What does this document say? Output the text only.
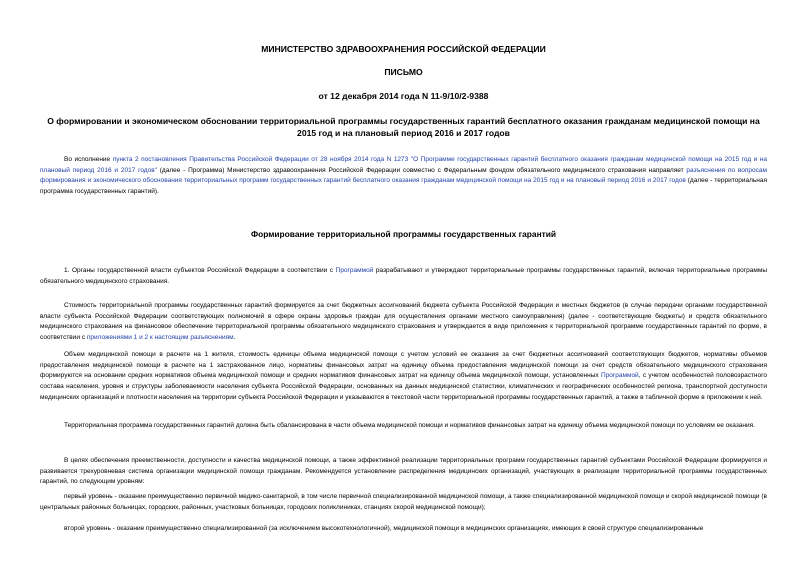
МИНИСТЕРСТВО ЗДРАВООХРАНЕНИЯ РОССИЙСКОЙ ФЕДЕРАЦИИ
ПИСЬМО
от 12 декабря 2014 года N 11-9/10/2-9388
О формировании и экономическом обосновании территориальной программы государственных гарантий бесплатного оказания гражданам медицинской помощи на 2015 год и на плановый период 2016 и 2017 годов

Во исполнение пункта 2 постановления Правительства Российской Федерации от 28 ноября 2014 года N 1273 "О Программе государственных гарантий бесплатного оказания гражданам медицинской помощи на 2015 год и на плановый период 2016 и 2017 годов" (далее - Программа) Министерство здравоохранения Российской Федерации совместно с Федеральным фондом обязательного медицинского страхования направляет разъяснения по вопросам формирования и экономического обоснования территориальных программ государственных гарантий бесплатного оказания гражданам медицинской помощи на 2015 год и на плановый период 2016 и 2017 годов (далее - территориальная программа государственных гарантий).

Формирование территориальной программы государственных гарантий

1. Органы государственной власти субъектов Российской Федерации в соответствии с Программой разрабатывают и утверждают территориальные программы государственных гарантий, включая территориальные программы обязательного медицинского страхования.

Стоимость территориальной программы государственных гарантий формируется за счет бюджетных ассигнований бюджета субъекта Российской Федерации и местных бюджетов (в случае передачи органами государственной власти субъекта Российской Федерации соответствующих полномочий в сфере охраны здоровья граждан для осуществления органами местного самоуправления) (далее - соответствующие бюджеты) и средств обязательного медицинского страхования на финансовое обеспечение территориальной программы обязательного медицинского страхования и утверждается в виде приложения к территориальной программе государственных гарантий по форме, в соответствии с приложениями 1 и 2 к настоящим разъяснениям.

Объем медицинской помощи в расчете на 1 жителя, стоимость единицы объема медицинской помощи с учетом условий ее оказания за счет бюджетных ассигнований соответствующих бюджетов, нормативы объемов предоставления медицинской помощи в расчете на 1 застрахованное лицо, нормативы финансовых затрат на единицу объема предоставления медицинской помощи за счет средств обязательного медицинского страхования формируются на основании средних нормативов объема медицинской помощи и средних нормативов финансовых затрат на единицу объема медицинской помощи, установленных Программой, с учетом особенностей половозрастного состава населения, уровня и структуры заболеваемости населения субъекта Российской Федерации, основанных на данных медицинской статистики, климатических и географических особенностей региона, транспортной доступности медицинских организаций и плотности населения на территории субъекта Российской Федерации и указываются в текстовой части территориальной программы государственных гарантий, а также в табличной форме в приложении к ней.

Территориальная программа государственных гарантий должна быть сбалансирована в части объема медицинской помощи и нормативов финансовых затрат на единицу объема медицинской помощи по условиям ее оказания.

В целях обеспечения преемственности, доступности и качества медицинской помощи, а также эффективной реализации территориальных программ государственных гарантий субъектами Российской Федерации формируется и развивается трехуровневая система организации медицинской помощи гражданам. Рекомендуется установление распределения медицинских организаций, участвующих в реализации территориальной программы государственных гарантий, по следующим уровням:

первый уровень - оказание преимущественно первичной медико-санитарной, в том числе первичной специализированной медицинской помощи, а также специализированной медицинской помощи и скорой медицинской помощи (в центральных районных больницах, городских, районных, участковых больницах, городских поликлиниках, станциях скорой медицинской помощи);

второй уровень - оказание преимущественно специализированной (за исключением высокотехнологичной), медицинской помощи в медицинских организациях, имеющих в своей структуре специализированные
